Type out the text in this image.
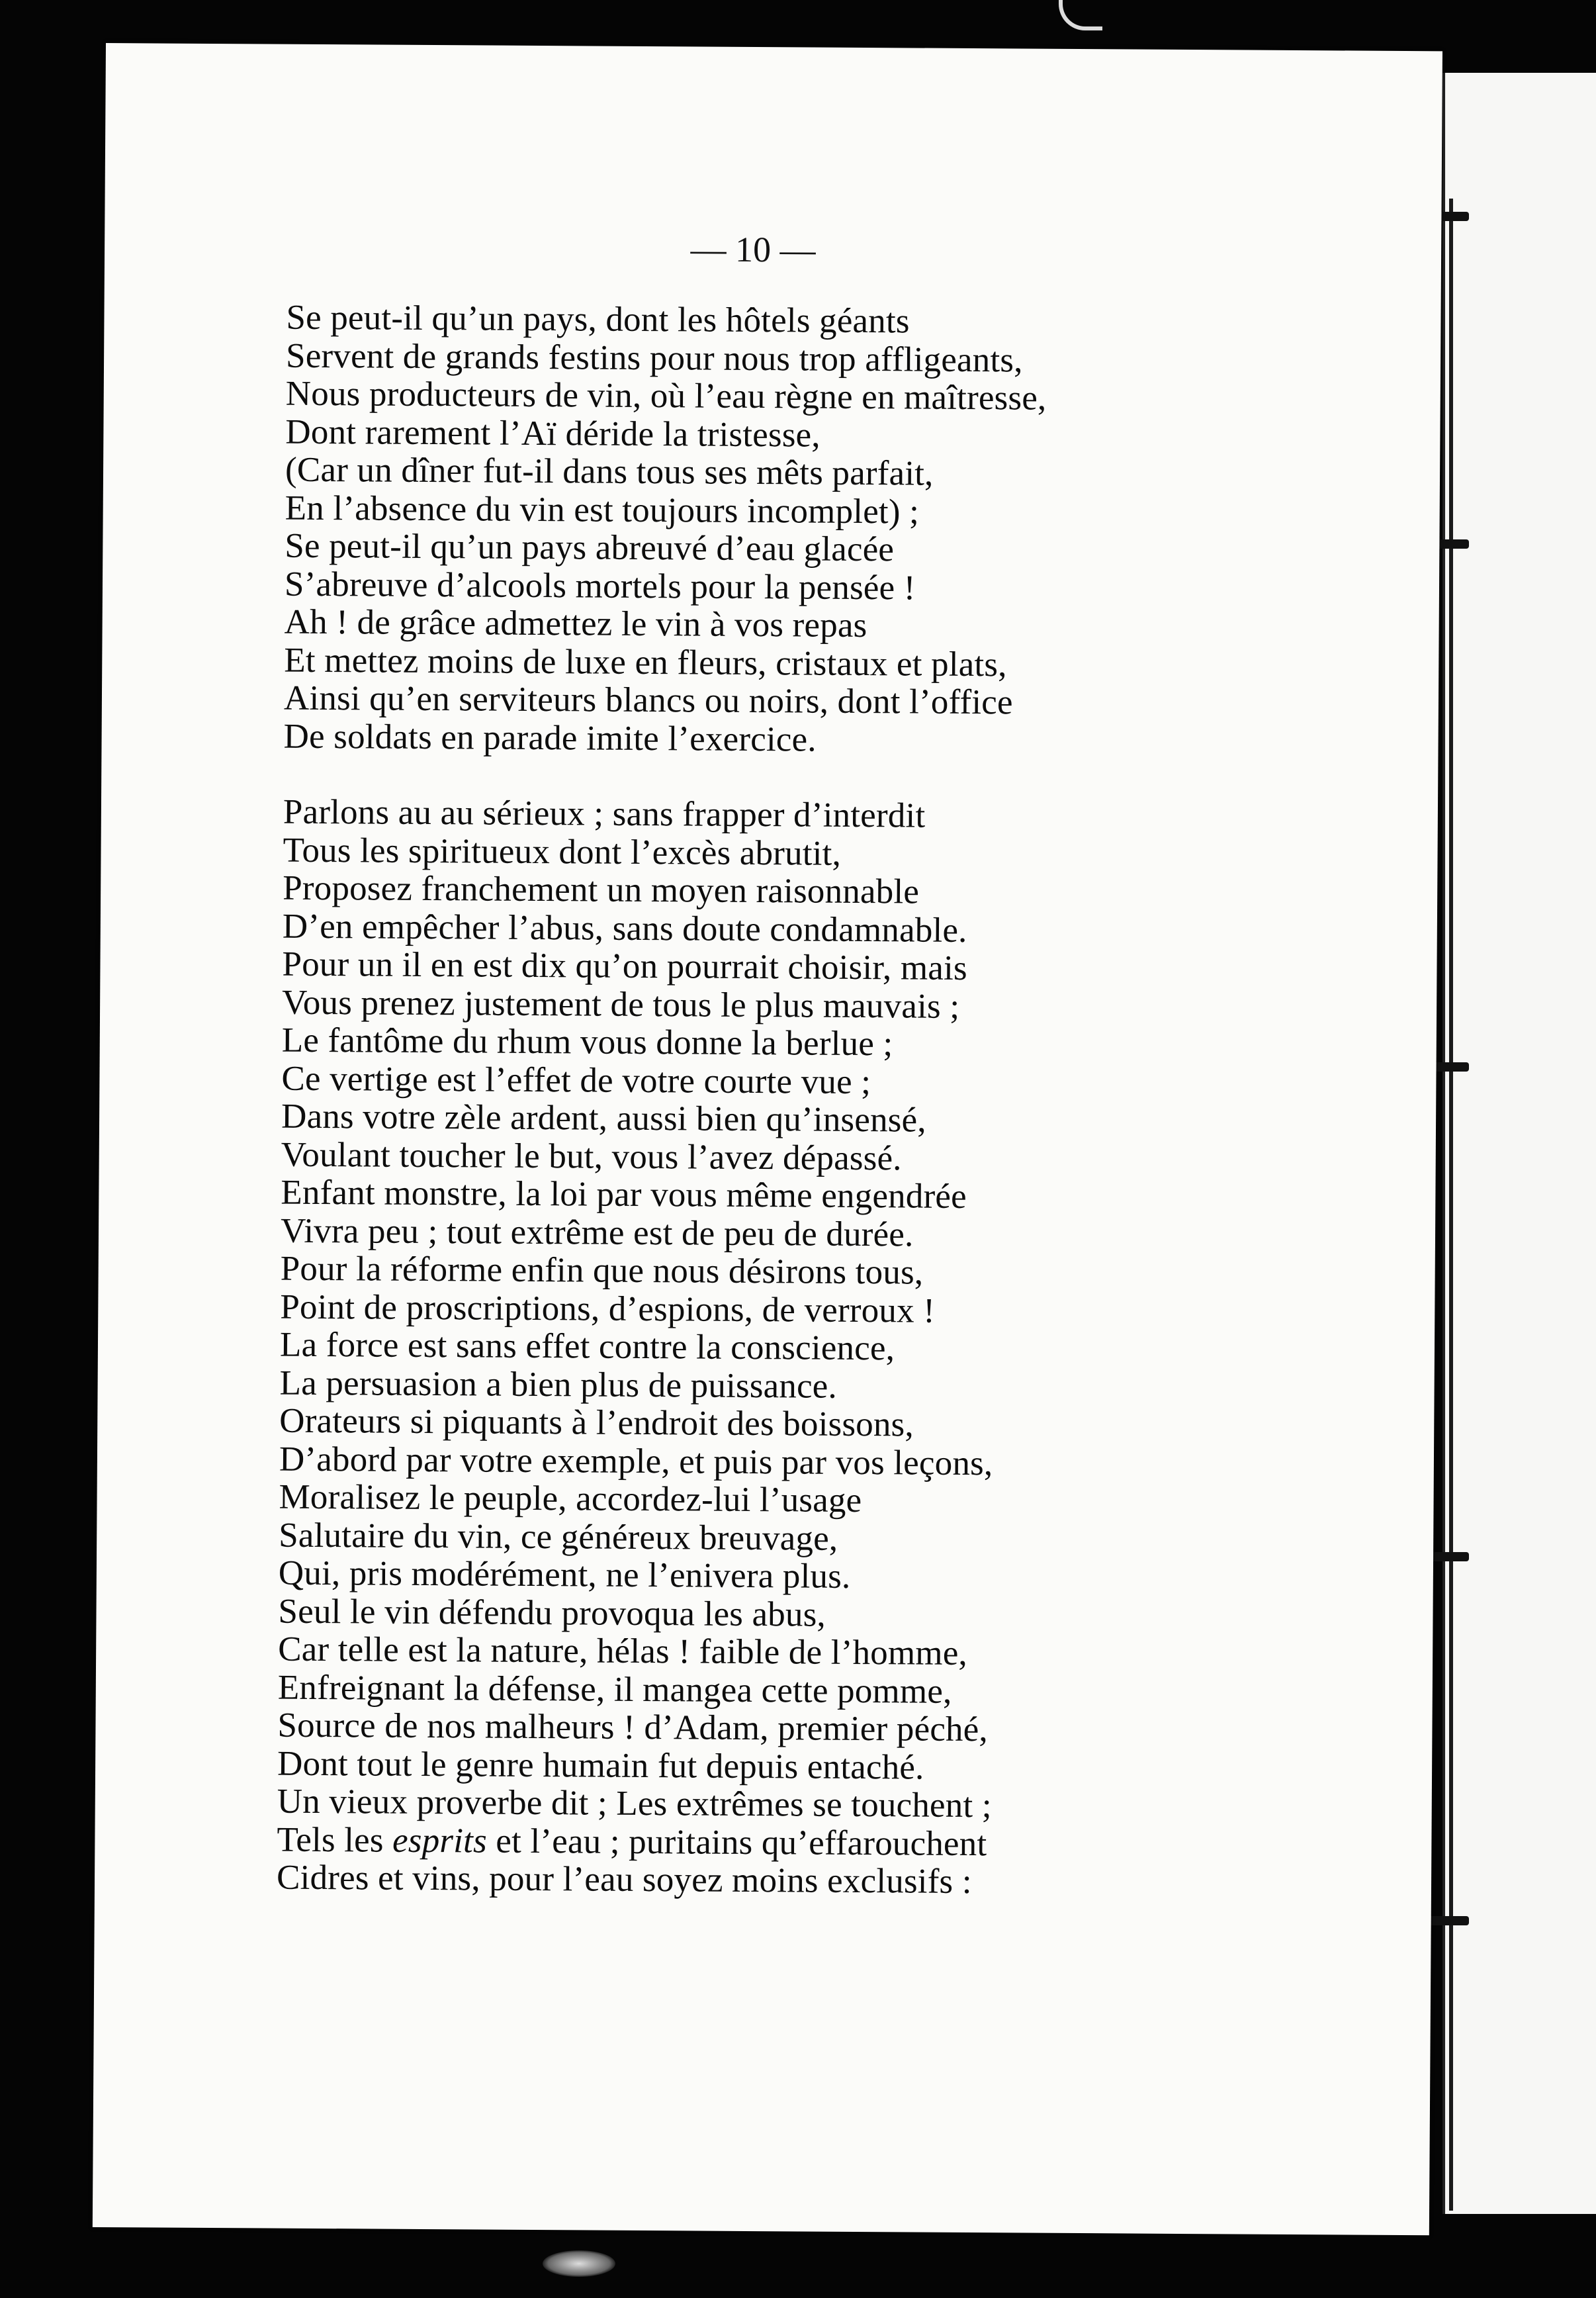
— 10 —
Se peut-il qu’un pays, dont les hôtels géants
Servent de grands festins pour nous trop affligeants,
Nous producteurs de vin, où l’eau règne en maîtresse,
Dont rarement l’Aï déride la tristesse,
(Car un dîner fut-il dans tous ses mêts parfait,
En l’absence du vin est toujours incomplet) ;
Se peut-il qu’un pays abreuvé d’eau glacée
S’abreuve d’alcools mortels pour la pensée !
Ah ! de grâce admettez le vin à vos repas
Et mettez moins de luxe en fleurs, cristaux et plats,
Ainsi qu’en serviteurs blancs ou noirs, dont l’office
De soldats en parade imite l’exercice.
Parlons au au sérieux ; sans frapper d’interdit
Tous les spiritueux dont l’excès abrutit,
Proposez franchement un moyen raisonnable
D’en empêcher l’abus, sans doute condamnable.
Pour un il en est dix qu’on pourrait choisir, mais
Vous prenez justement de tous le plus mauvais ;
Le fantôme du rhum vous donne la berlue ;
Ce vertige est l’effet de votre courte vue ;
Dans votre zèle ardent, aussi bien qu’insensé,
Voulant toucher le but, vous l’avez dépassé.
Enfant monstre, la loi par vous même engendrée
Vivra peu ; tout extrême est de peu de durée.
Pour la réforme enfin que nous désirons tous,
Point de proscriptions, d’espions, de verroux !
La force est sans effet contre la conscience,
La persuasion a bien plus de puissance.
Orateurs si piquants à l’endroit des boissons,
D’abord par votre exemple, et puis par vos leçons,
Moralisez le peuple, accordez-lui l’usage
Salutaire du vin, ce généreux breuvage,
Qui, pris modérément, ne l’enivera plus.
Seul le vin défendu provoqua les abus,
Car telle est la nature, hélas ! faible de l’homme,
Enfreignant la défense, il mangea cette pomme,
Source de nos malheurs ! d’Adam, premier péché,
Dont tout le genre humain fut depuis entaché.
Un vieux proverbe dit ; Les extrêmes se touchent ;
Tels les esprits et l’eau ; puritains qu’effarouchent
Cidres et vins, pour l’eau soyez moins exclusifs :
